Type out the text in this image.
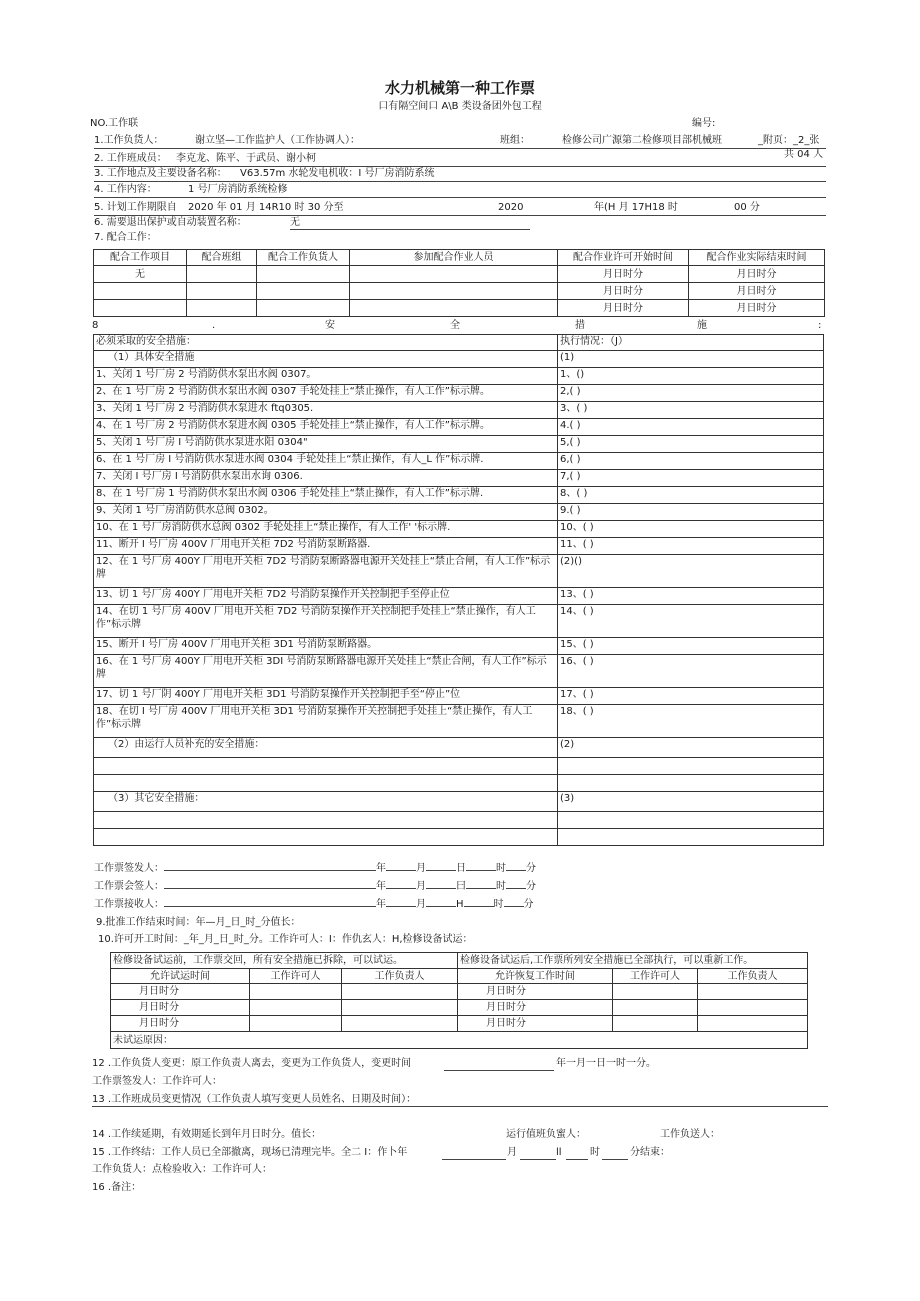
水力机械第一种工作票
口有隔空间口 A\B 类设备团外包工程
NO.工作联	编号:
1.工作负货人：	谢立坚—工作监护人（工作协调人）：	班组：	检修公司广源第二检修项目部机械班	_附页：_2_张
共 04 人
2. 工作班成员： 李克龙、陈平、于武员、谢小柯
3. 工作地点及主要设备名称： V63.57m 水轮发电机收：I 号厂房消防系统
4. 工作内容：	1 号厂房消防系统检修
5. 计划工作期限自 2020 年 01 月 14R10 时 30 分至	2020	年(H 月 17H18 时	00 分
6. 需要退出保护或自动装置名称：	无
7. 配合工作：
配合工作项目	配合班组	配合工作负货人	参加配合作业人员	配合作业许可开始时间	配合作业实际结束时间
无				月日时分	月日时分
				月日时分	月日时分
				月日时分	月日时分
8	.	安	全	措	施	:
必须采取的安全措施：	执行情况：（J）
（1）具体安全措施	(1)
1、关闭 1 号厂房 2 号消防供水泵出水阀 0307。	1、()
2、在 1 号厂房 2 号消防供水泵出水阀 0307 手轮处挂上“禁止操作，有人工作”标示牌。	2,( )
3、关闭 1 号厂房 2 号消防供水泵进水 ftq0305.	3、( )
4、在 1 号厂房 2 号消防供水泵进水阀 0305 手轮处挂上“禁止操作，有人工作”标示牌。	4.( )
5、关闭 1 号厂房 I 号消防供水泵进水阳 0304"	5,( )
6、在 1 号厂房 I 号消防供水泵进水阀 0304 手轮处挂上“禁止操作，有人_L 作”标示牌.	6,( )
7、关闭 I 号厂房 I 号消防供水泵出水询 0306.	7,( )
8、在 1 号厂房 1 号消防供水泵出水阀 0306 手轮处挂上“禁止操作，有人工作”标示牌.	8、( )
9、关闭 1 号厂房消防供水总阀 0302。	9.( )
10、在 1 号厂房消防供水总阀 0302 手轮处挂上“禁止操作，有人工作' '标示牌.	10、( )
11、断开 I 号厂房 400V 厂用电开关柜 7D2 号消防泵断路器.	11、( )
12、在 1 号厂房 400Y 厂用电开关柜 7D2 号消防泵断路器电源开关处挂上“禁止合闸，有人工作”标示牌	(2)()
13、切 1 号厂房 400Y 厂用电开关柜 7D2 号消防泵操作开关控制把手至停止位	13、( )
14、在切 1 号厂房 400V 厂用电开关柜 7D2 号消防泵操作开关控制把手处挂上“禁止操作，有人工作”标示牌	14、( )
15、断开 I 号厂房 400V 厂用电开关柜 3D1 号消防泵断路器。	15、( )
16、在 1 号厂房 400Y 厂用电开关柜 3DI 号消防泵断路器电源开关处挂上“禁止合闸，有人工作”标示牌	16、( )
17、切 1 号厂阴 400Y 厂用电开关柜 3D1 号消防泵操作开关控制把手至“停止”位	17、( )
18、在切 I 号厂房 400V 厂用电开关柜 3D1 号消防泵操作开关控制把手处挂上“禁止操作，有人工作”标示牌	18、( )
（2）由运行人员补充的安全措施：	(2)

（3）其它安全措施：	(3)

工作票签发人：	年	月	日	时 分
工作票会签人：	年	月	曰	时 分
工作票接收人：	年	月	H	时 分
9.批准工作结束时间：年—月_日_时_分值长：
10.许可开工时间：_年_月_日_时_分。工作许可人：I：作仇玄人：H,检修设备试运：
检修设备试运前，工作票交回，所有安全措施已拆除，可以试运。			检修设备试运后,工作票所列安全措施已全部执行，可以重新工作。		
允许试运时间	工作许可人	工作负责人	允许恢复工作时间	工作许可人	工作负责人
月日时分			月日时分		
月日时分			月日时分		
月日时分			月日时分		
未试运原因：					
12 .工作负货人变更：原工作负责人离去，变更为工作负货人，变更时间	年一月一日一时一分。
工作票签发人：工作许可人：
13 .工作班成员变更情况（工作负责人填写变更人员姓名、日期及时间）：
14 .工作续延期，有效期延长到年月日时分。值长：	运行值班负蜜人：	工作负送人：
15 .工作终结：工作人员已全部撤离，现场已清理完毕。全二 I：作卜年	月	ll	时	分结束：
工作负货人：点检验收入：工作许可人：
16 .备注：
